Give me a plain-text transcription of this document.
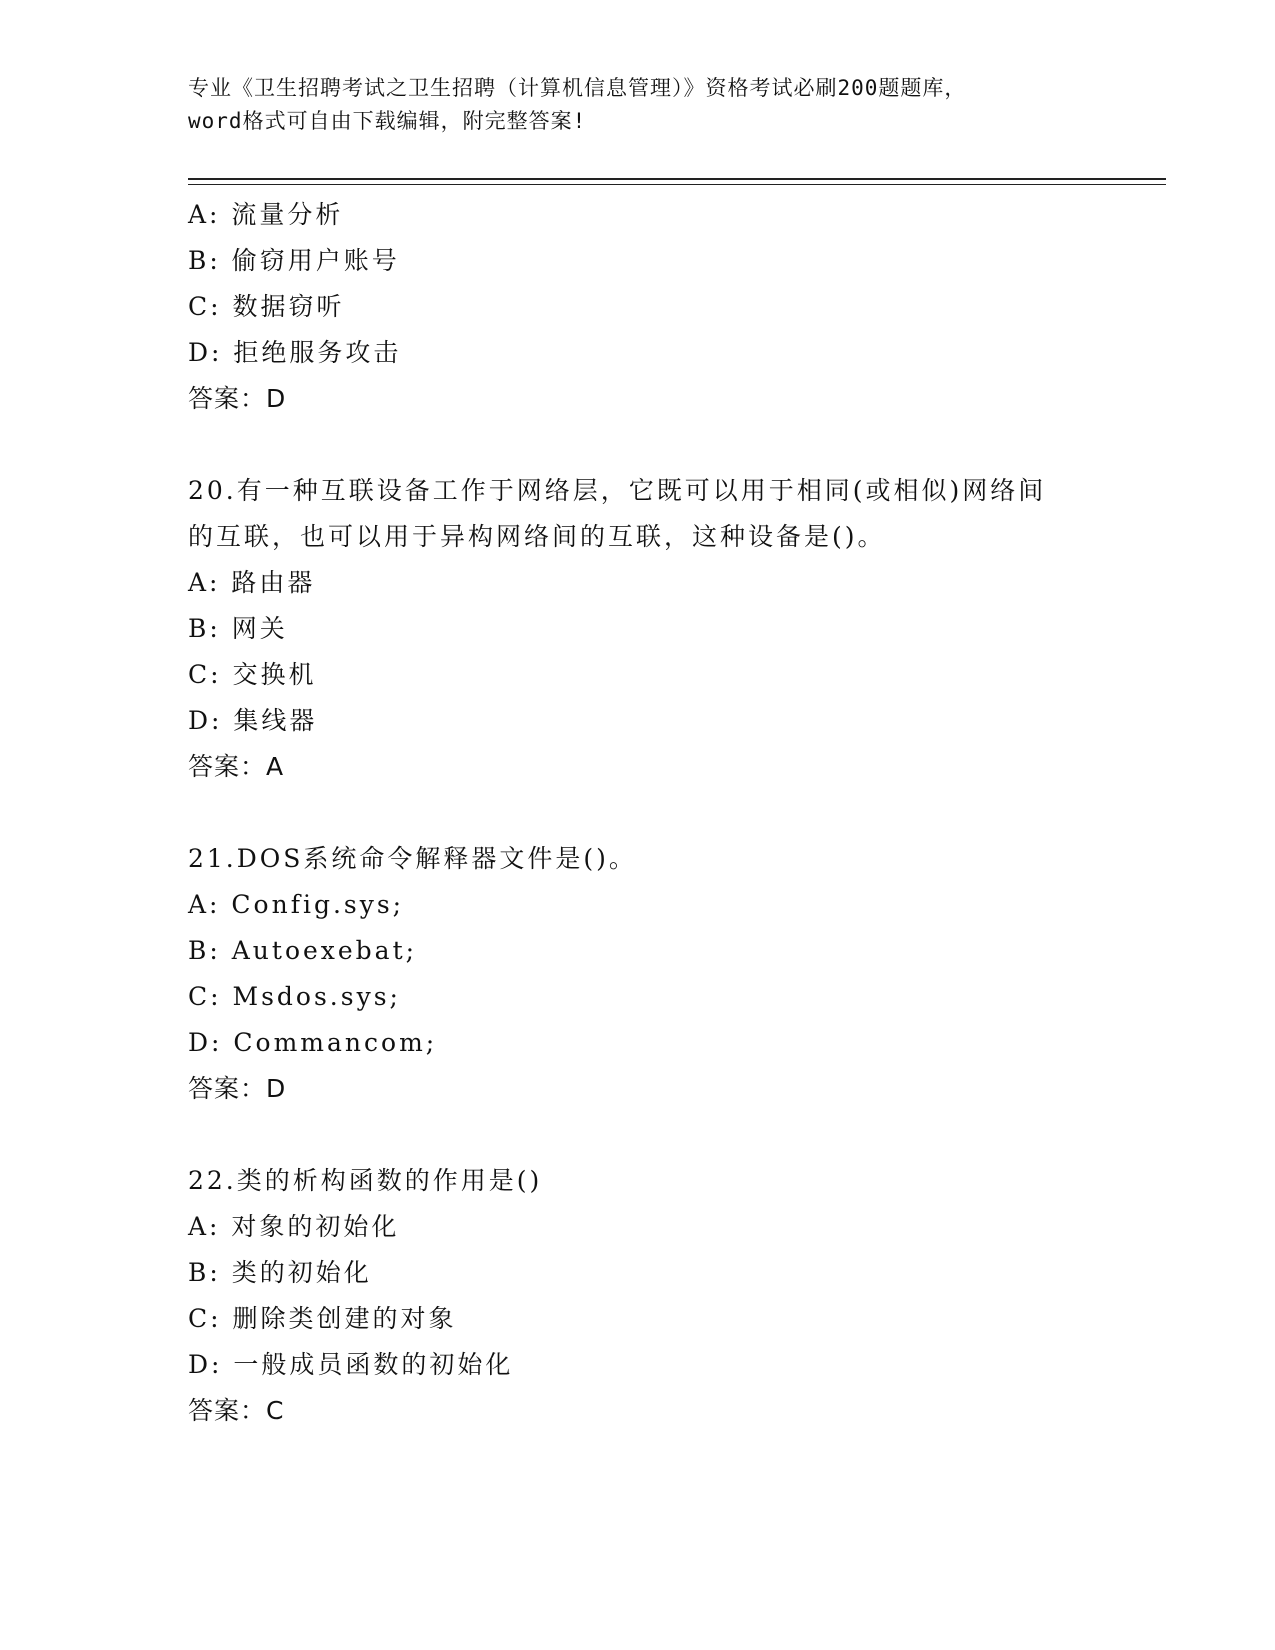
专业《卫生招聘考试之卫生招聘（计算机信息管理）》资格考试必刷200题题库，
word格式可自由下载编辑，附完整答案!
A: 流量分析
B: 偷窃用户账号
C: 数据窃听
D: 拒绝服务攻击
答案：D
20.有一种互联设备工作于网络层，它既可以用于相同(或相似)网络间
的互联，也可以用于异构网络间的互联，这种设备是()。
A: 路由器
B: 网关
C: 交换机
D: 集线器
答案：A
21.DOS系统命令解释器文件是()。
A: Config.sys;
B: Autoexebat;
C: Msdos.sys;
D: Commancom;
答案：D
22.类的析构函数的作用是()
A: 对象的初始化
B: 类的初始化
C: 删除类创建的对象
D: 一般成员函数的初始化
答案：C
